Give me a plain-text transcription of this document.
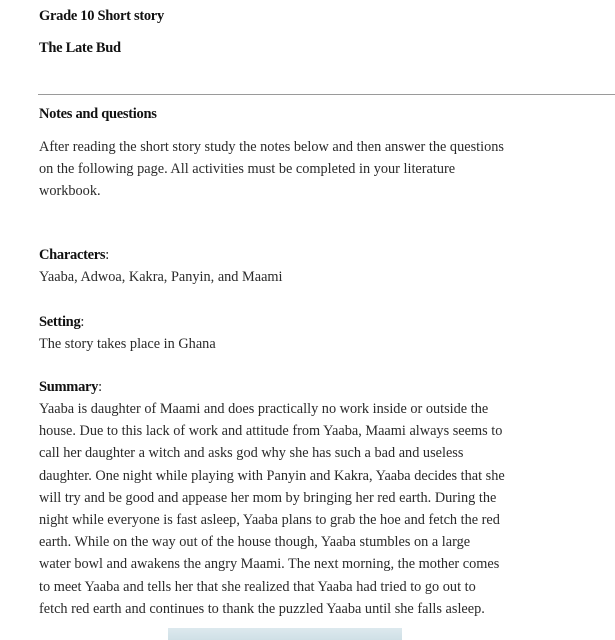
Grade 10 Short story
The Late Bud
Notes and questions
After reading the short story study the notes below and then answer the questions
on the following page. All activities must be completed in your literature
workbook.
Characters:
Yaaba, Adwoa, Kakra, Panyin, and Maami
Setting:
The story takes place in Ghana
Summary:
Yaaba is daughter of Maami and does practically no work inside or outside the
house. Due to this lack of work and attitude from Yaaba, Maami always seems to
call her daughter a witch and asks god why she has such a bad and useless
daughter. One night while playing with Panyin and Kakra, Yaaba decides that she
will try and be good and appease her mom by bringing her red earth. During the
night while everyone is fast asleep, Yaaba plans to grab the hoe and fetch the red
earth. While on the way out of the house though, Yaaba stumbles on a large
water bowl and awakens the angry Maami. The next morning, the mother comes
to meet Yaaba and tells her that she realized that Yaaba had tried to go out to
fetch red earth and continues to thank the puzzled Yaaba until she falls asleep.
